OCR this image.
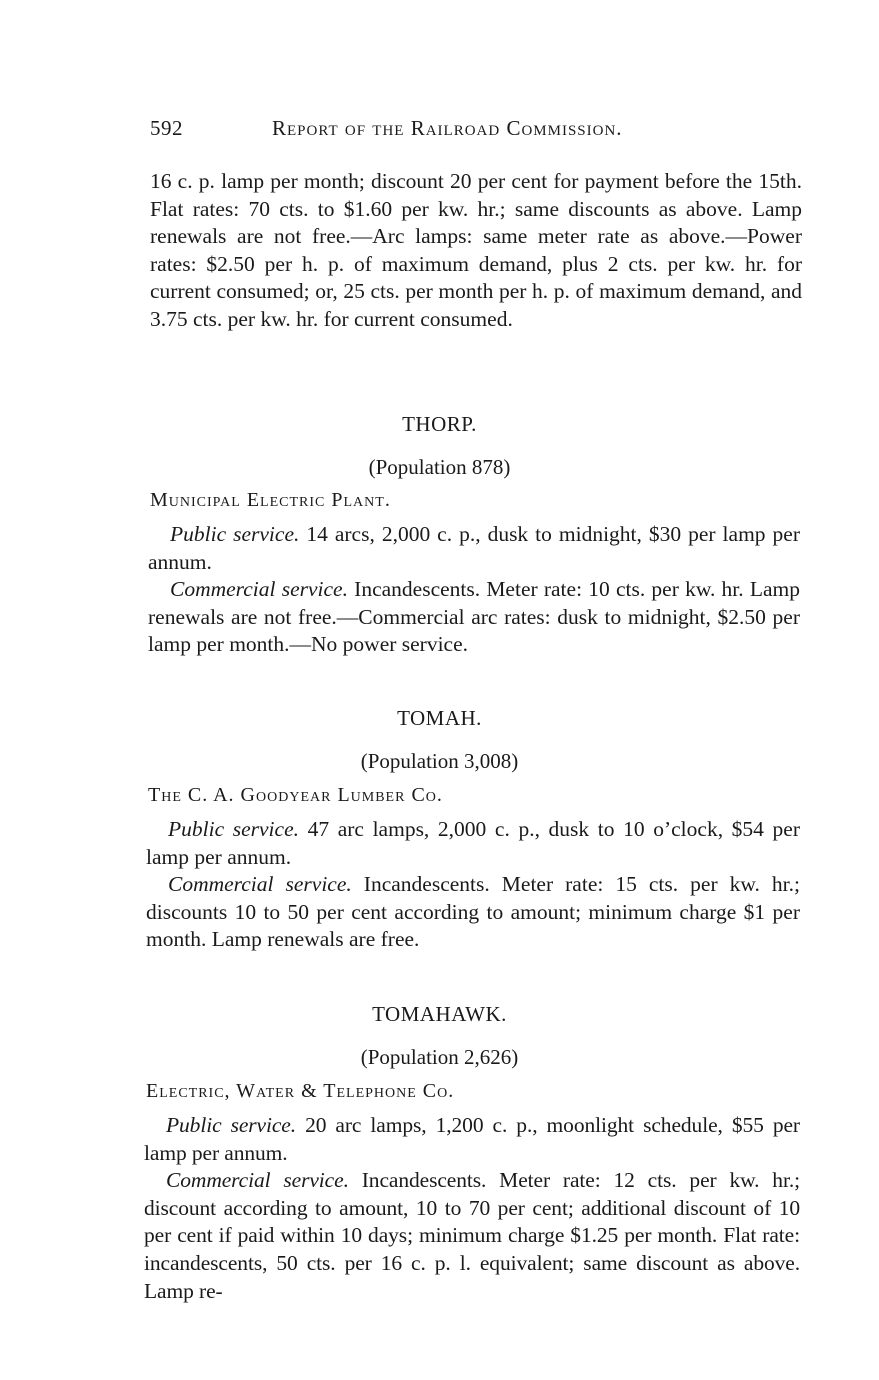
592	Report of the Railroad Commission.

16 c. p. lamp per month; discount 20 per cent for payment before the 15th. Flat rates: 70 cts. to $1.60 per kw. hr.; same discounts as above. Lamp renewals are not free.—Arc lamps: same meter rate as above.—Power rates: $2.50 per h. p. of maximum demand, plus 2 cts. per kw. hr. for current consumed; or, 25 cts. per month per h. p. of maximum demand, and 3.75 cts. per kw. hr. for current consumed.

THORP.
(Population 878)
Municipal Electric Plant.

Public service. 14 arcs, 2,000 c. p., dusk to midnight, $30 per lamp per annum.

Commercial service. Incandescents. Meter rate: 10 cts. per kw. hr. Lamp renewals are not free.—Commercial arc rates: dusk to midnight, $2.50 per lamp per month.—No power service.

TOMAH.
(Population 3,008)
The C. A. Goodyear Lumber Co.

Public service. 47 arc lamps, 2,000 c. p., dusk to 10 o’clock, $54 per lamp per annum.

Commercial service. Incandescents. Meter rate: 15 cts. per kw. hr.; discounts 10 to 50 per cent according to amount; minimum charge $1 per month. Lamp renewals are free.

TOMAHAWK.
(Population 2,626)
Electric, Water & Telephone Co.

Public service. 20 arc lamps, 1,200 c. p., moonlight schedule, $55 per lamp per annum.

Commercial service. Incandescents. Meter rate: 12 cts. per kw. hr.; discount according to amount, 10 to 70 per cent; additional discount of 10 per cent if paid within 10 days; minimum charge $1.25 per month. Flat rate: incandescents, 50 cts. per 16 c. p. l. equivalent; same discount as above. Lamp re-
